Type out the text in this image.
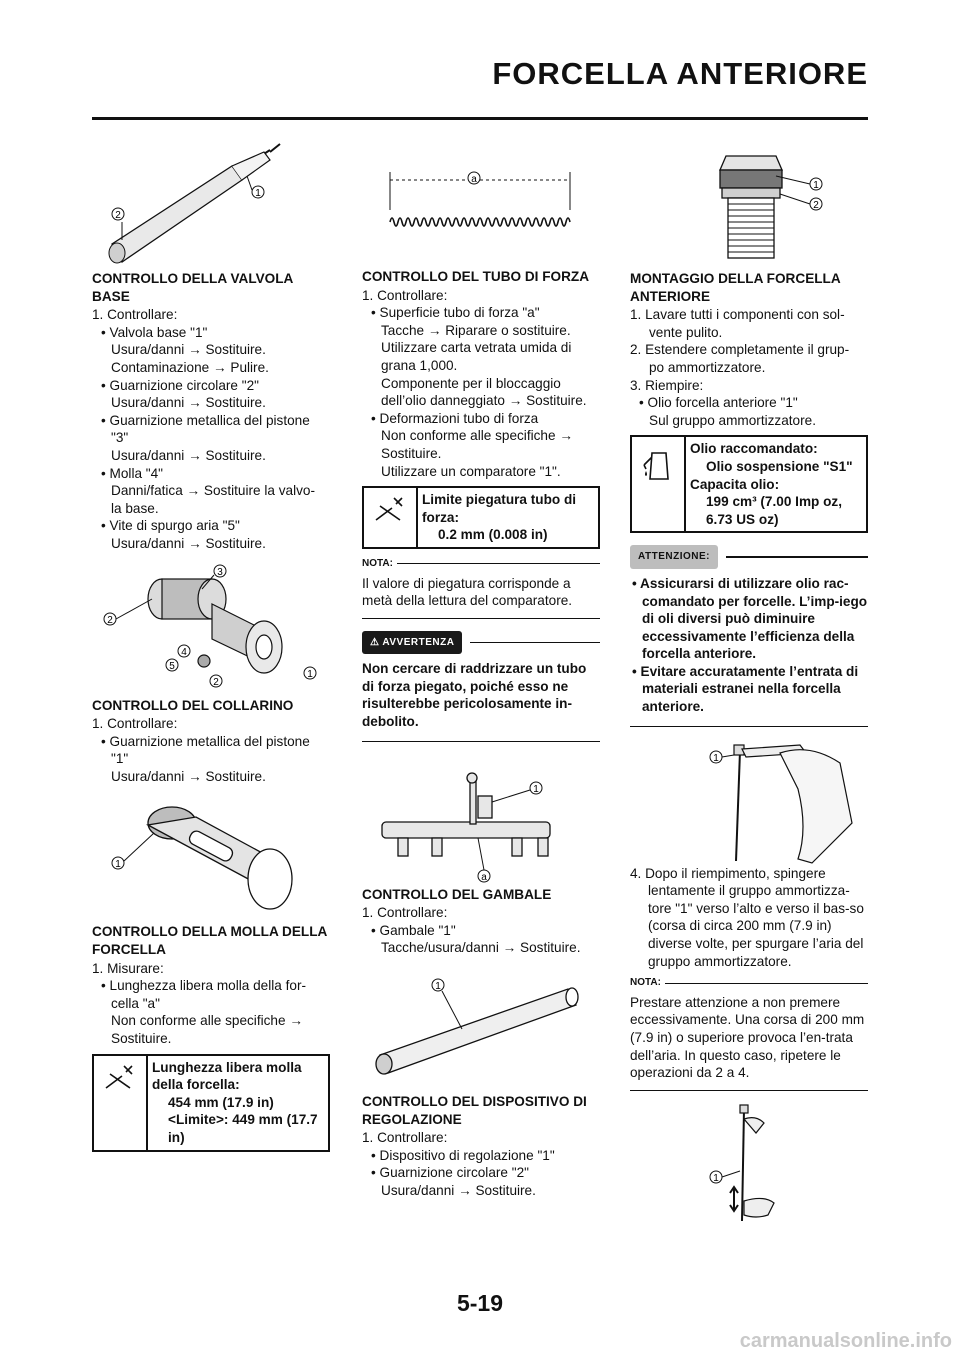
FORCELLA ANTERIORE
2
1
CONTROLLO DELLA VALVOLA BASE

1. Controllare:

• Valvola base "1"

Usura/danni → Sostituire.

Contaminazione → Pulire.

• Guarnizione circolare "2"

Usura/danni → Sostituire.

• Guarnizione metallica del pistone

"3"

Usura/danni → Sostituire.

• Molla "4"

Danni/fatica → Sostituire la valvo-

la base.

• Vite di spurgo aria "5"

Usura/danni → Sostituire.

3
2
4
5
2
1
CONTROLLO DEL COLLARINO

1. Controllare:

• Guarnizione metallica del pistone

"1"

Usura/danni → Sostituire.

1
CONTROLLO DELLA MOLLA DELLA FORCELLA

1. Misurare:

• Lunghezza libera molla della for-

cella "a"

Non conforme alle specifiche →

Sostituire.

Lunghezza libera molla
della forcella:
454 mm (17.9 in)
<Limite>: 449 mm (17.7
in)
a
CONTROLLO DEL TUBO DI FORZA

1. Controllare:

• Superficie tubo di forza "a"

Tacche → Riparare o sostituire.

Utilizzare carta vetrata umida di

grana 1,000.

Componente per il bloccaggio

dell’olio danneggiato → Sostituire.

• Deformazioni tubo di forza

Non conforme alle specifiche →

Sostituire.

Utilizzare un comparatore "1".

Limite piegatura tubo di
forza:
0.2 mm (0.008 in)
NOTA:
Il valore di piegatura corrisponde a metà della lettura del comparatore.
⚠ AVVERTENZA
Non cercare di raddrizzare un tubo di forza piegato, poiché esso ne risulterebbe pericolosamente in-debolito.
1
a
CONTROLLO DEL GAMBALE

1. Controllare:

• Gambale "1"

Tacche/usura/danni → Sostituire.

1
CONTROLLO DEL DISPOSITIVO DI REGOLAZIONE

1. Controllare:

• Dispositivo di regolazione "1"

• Guarnizione circolare "2"

Usura/danni → Sostituire.

1
2
MONTAGGIO DELLA FORCELLA ANTERIORE

1. Lavare tutti i componenti con sol-

vente pulito.

2. Estendere completamente il grup-

po ammortizzatore.

3. Riempire:

• Olio forcella anteriore "1"

Sul gruppo ammortizzatore.

Olio raccomandato:
Olio sospensione "S1"
Capacita olio:
199 cm³ (7.00 Imp oz,
6.73 US oz)
ATTENZIONE:
• Assicurarsi di utilizzare olio rac-comandato per forcelle. L’imp-iego di oli diversi può diminuire eccessivamente l’efficienza della forcella anteriore.
• Evitare accuratamente l’entrata di materiali estranei nella forcella anteriore.
1

4. Dopo il riempimento, spingere lentamente il gruppo ammortizza-tore "1" verso l’alto e verso il bas-so (corsa di circa 200 mm (7.9 in) diverse volte, per spurgare l’aria del gruppo ammortizzatore.

NOTA:
Prestare attenzione a non premere eccessivamente. Una corsa di 200 mm (7.9 in) o superiore provoca l’en-trata dell’aria. In questo caso, ripetere le operazioni da 2 a 4.
1
5-19
carmanualsonline.info
